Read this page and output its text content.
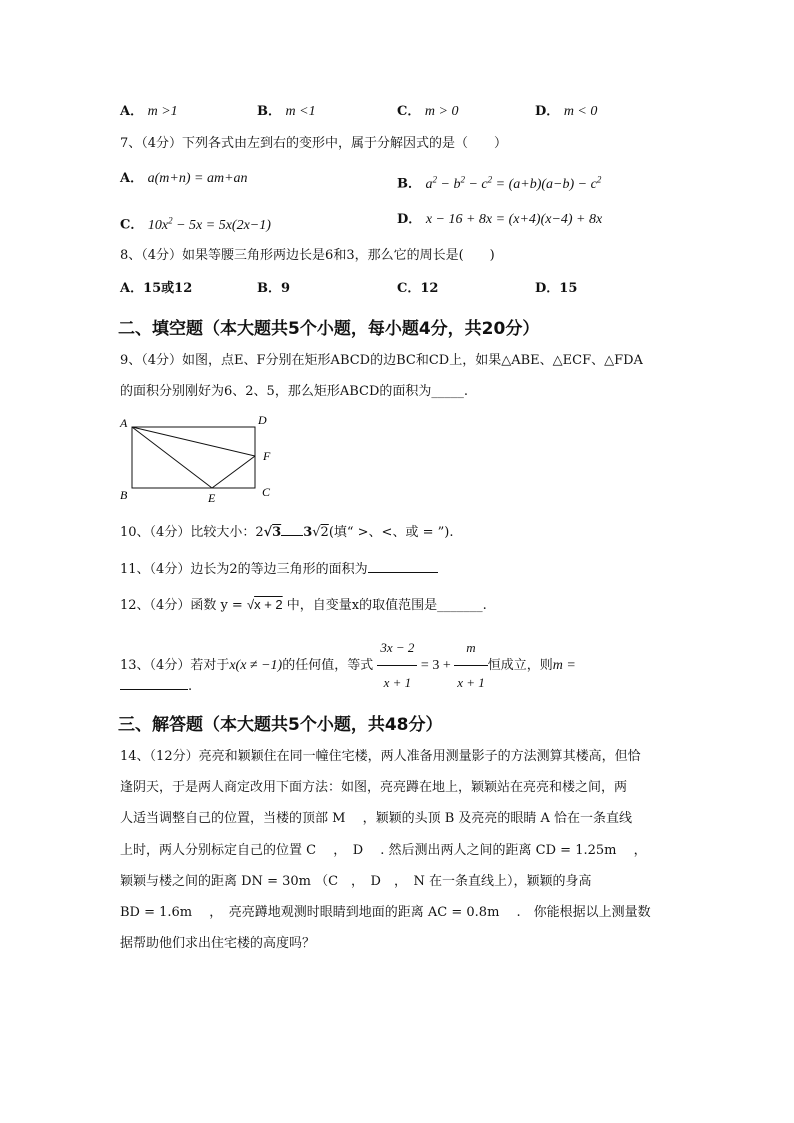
A． m >1	B． m <1	C． m > 0	D． m < 0
7、（4分）下列各式由左到右的变形中，属于分解因式的是（　　）
A． a(m+n) = am+an	B． $a^2 - b^2 - c^2 = (a+b)(a-b) - c^2$
C． $10x^2 - 5x = 5x(2x-1)$	D． x − 16 + 8x = (x+4)(x−4) + 8x
8、（4分）如果等腰三角形两边长是6和3，那么它的周长是(　　)
A．15或12	B．9	C．12	D．15
二、填空题（本大题共5个小题，每小题4分，共20分）
9、（4分）如图，点E、F分别在矩形ABCD的边BC和CD上，如果△ABE、△ECF、△FDA
的面积分别刚好为6、2、5，那么矩形ABCD的面积为_____.
A	D
F
B	E	C
10、（4分）比较大小：2√3 3√2(填“ >、<、或 = ”).
11、（4分）边长为2的等边三角形的面积为
12、（4分）函数 y = √x + 2 中，自变量x的取值范围是_______.
13、（4分）若对于x(x ≠ −1)的任何值，等式 $\frac{3x - 2}{x + 1} = 3 + \frac{m}{x + 1}$ 恒成立，则m =
.
三、解答题（本大题共5个小题，共48分）
14、（12分）亮亮和颖颖住在同一幢住宅楼，两人准备用测量影子的方法测算其楼高，但恰
逢阴天，于是两人商定改用下面方法：如图，亮亮蹲在地上，颖颖站在亮亮和楼之间，两
人适当调整自己的位置，当楼的顶部 M 　，颖颖的头顶 B 及亮亮的眼睛 A 恰在一条直线
上时，两人分别标定自己的位置 C 　，　D 　. 然后测出两人之间的距离 CD = 1.25m 　，
颖颖与楼之间的距离 DN = 30m （C　，　D　，　N 在一条直线上），颖颖的身高
BD = 1.6m 　，　亮亮蹲地观测时眼睛到地面的距离 AC = 0.8m 　.　你能根据以上测量数
据帮助他们求出住宅楼的高度吗？
